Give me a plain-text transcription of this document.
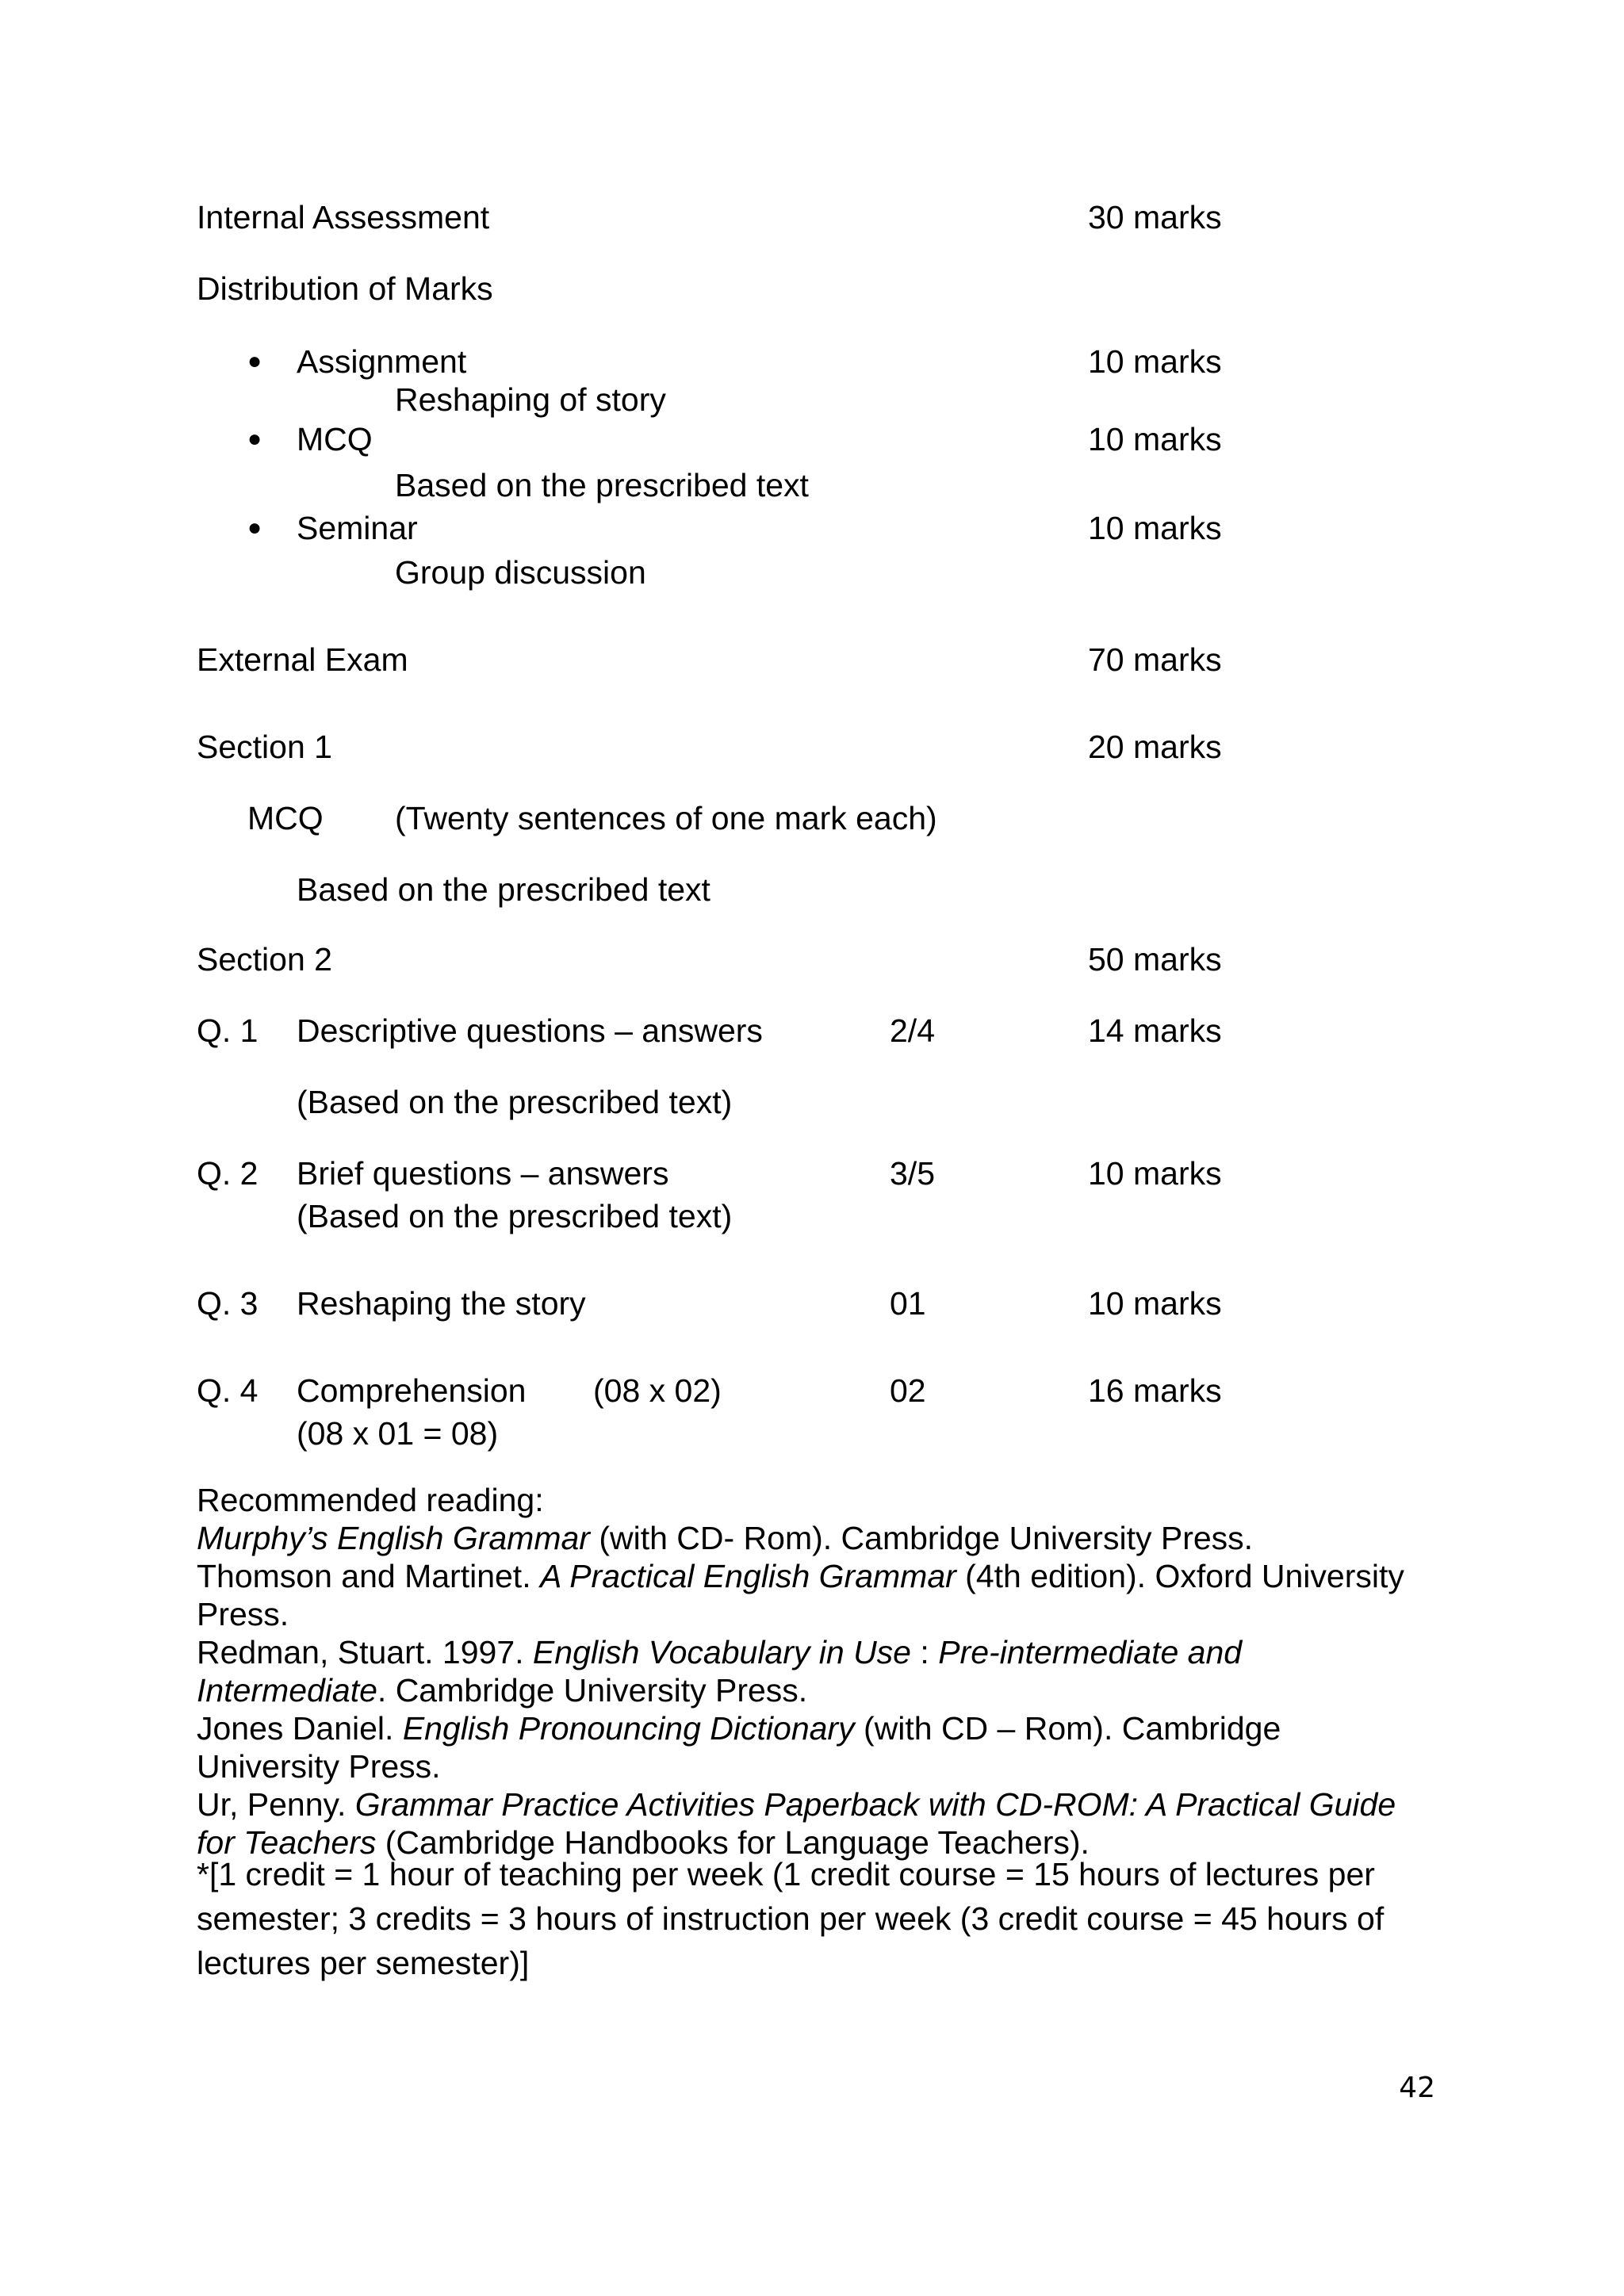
Internal Assessment	30 marks
Distribution of Marks
● Assignment	10 marks
Reshaping of story
● MCQ	10 marks
Based on the prescribed text
● Seminar	10 marks
Group discussion
External Exam	70 marks
Section 1	20 marks
MCQ (Twenty sentences of one mark each)
Based on the prescribed text
Section 2	50 marks
Q. 1 Descriptive questions – answers	2/4	14 marks
(Based on the prescribed text)
Q. 2 Brief questions – answers	3/5	10 marks
(Based on the prescribed text)
Q. 3 Reshaping the story	01	10 marks
Q. 4 Comprehension (08 x 02)	02	16 marks
(08 x 01 = 08)
Recommended reading:
Murphy’s English Grammar (with CD- Rom). Cambridge University Press.
Thomson and Martinet. A Practical English Grammar (4th edition). Oxford University
Press.
Redman, Stuart. 1997. English Vocabulary in Use : Pre-intermediate and
Intermediate. Cambridge University Press.
Jones Daniel. English Pronouncing Dictionary (with CD – Rom). Cambridge
University Press.
Ur, Penny. Grammar Practice Activities Paperback with CD-ROM: A Practical Guide
for Teachers (Cambridge Handbooks for Language Teachers).
*[1 credit = 1 hour of teaching per week (1 credit course = 15 hours of lectures per
semester; 3 credits = 3 hours of instruction per week (3 credit course = 45 hours of
lectures per semester)]
42
